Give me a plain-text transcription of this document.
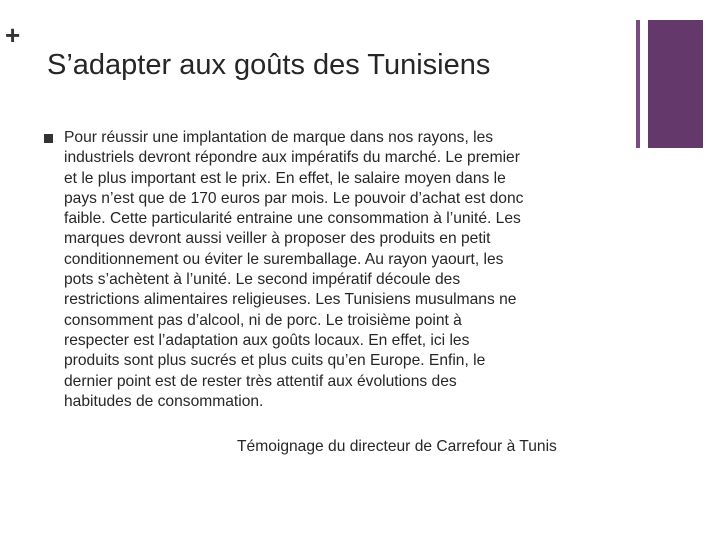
+
S’adapter aux goûts des Tunisiens
Pour réussir une implantation de marque dans nos rayons, les
industriels devront répondre aux impératifs du marché. Le premier
et le plus important est le prix. En effet, le salaire moyen dans le
pays n’est que de 170 euros par mois. Le pouvoir d’achat est donc
faible. Cette particularité entraine une consommation à l’unité. Les
marques devront aussi veiller à proposer des produits en petit
conditionnement ou éviter le suremballage. Au rayon yaourt, les
pots s’achètent à l’unité. Le second impératif découle des
restrictions alimentaires religieuses. Les Tunisiens musulmans ne
consomment pas d’alcool, ni de porc. Le troisième point à
respecter est l’adaptation aux goûts locaux. En effet, ici les
produits sont plus sucrés et plus cuits qu’en Europe. Enfin, le
dernier point est de rester très attentif aux évolutions des
habitudes de consommation.

Témoignage du directeur de Carrefour à Tunis
